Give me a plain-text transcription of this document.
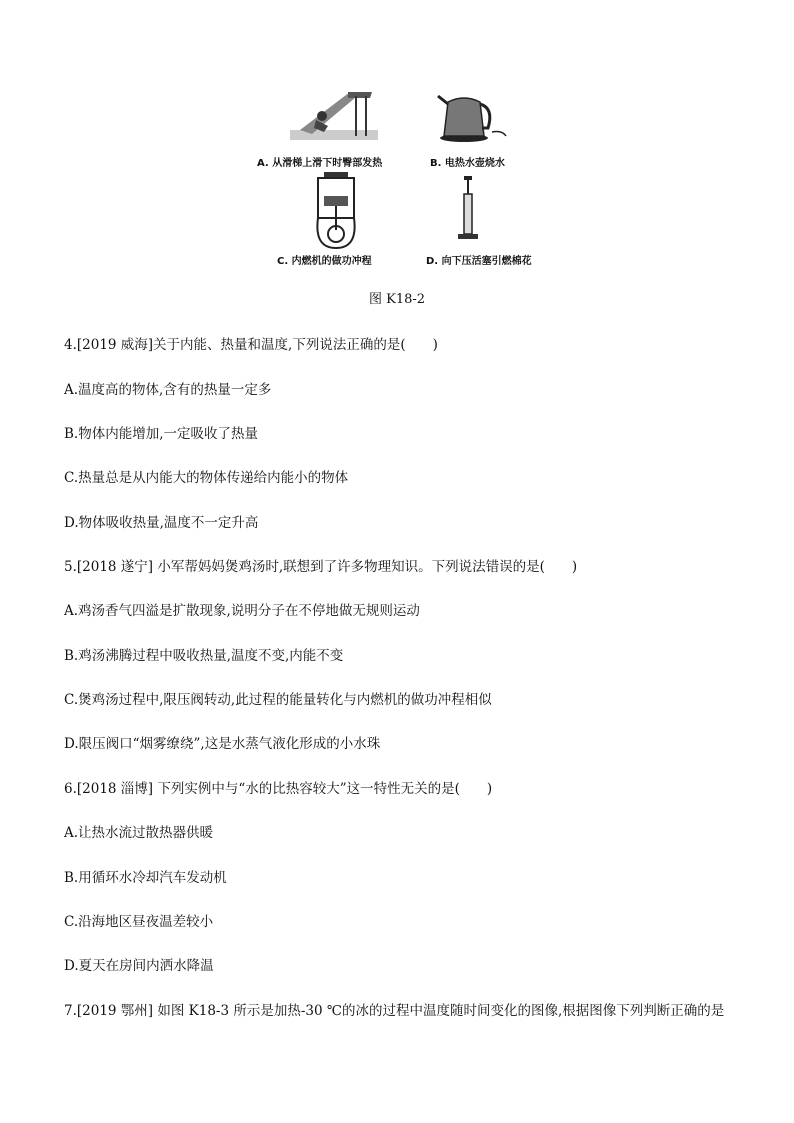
A. 从滑梯上滑下时臀部发热	B. 电热水壶烧水
C. 内燃机的做功冲程	D. 向下压活塞引燃棉花
图 K18-2
4.[2019 威海]关于内能、热量和温度,下列说法正确的是(　　)
A.温度高的物体,含有的热量一定多
B.物体内能增加,一定吸收了热量
C.热量总是从内能大的物体传递给内能小的物体
D.物体吸收热量,温度不一定升高
5.[2018 遂宁] 小军帮妈妈煲鸡汤时,联想到了许多物理知识。下列说法错误的是(　　)
A.鸡汤香气四溢是扩散现象,说明分子在不停地做无规则运动
B.鸡汤沸腾过程中吸收热量,温度不变,内能不变
C.煲鸡汤过程中,限压阀转动,此过程的能量转化与内燃机的做功冲程相似
D.限压阀口“烟雾缭绕”,这是水蒸气液化形成的小水珠
6.[2018 淄博] 下列实例中与“水的比热容较大”这一特性无关的是(　　)
A.让热水流过散热器供暖
B.用循环水冷却汽车发动机
C.沿海地区昼夜温差较小
D.夏天在房间内洒水降温
7.[2019 鄂州] 如图 K18-3 所示是加热-30 ℃的冰的过程中温度随时间变化的图像,根据图像下列判断正确的是
